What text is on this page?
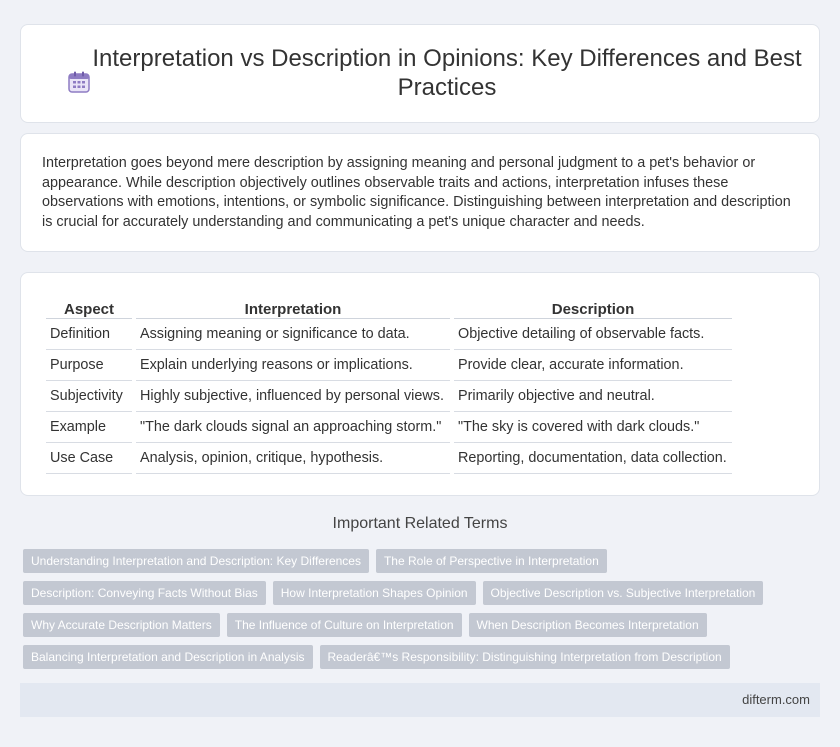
Interpretation vs Description in Opinions: Key Differences and Best Practices

Interpretation goes beyond mere description by assigning meaning and personal judgment to a pet's behavior or appearance. While description objectively outlines observable traits and actions, interpretation infuses these observations with emotions, intentions, or symbolic significance. Distinguishing between interpretation and description is crucial for accurately understanding and communicating a pet's unique character and needs.

Aspect	Interpretation	Description
Definition	Assigning meaning or significance to data.	Objective detailing of observable facts.
Purpose	Explain underlying reasons or implications.	Provide clear, accurate information.
Subjectivity	Highly subjective, influenced by personal views.	Primarily objective and neutral.
Example	"The dark clouds signal an approaching storm."	"The sky is covered with dark clouds."
Use Case	Analysis, opinion, critique, hypothesis.	Reporting, documentation, data collection.
Important Related Terms
Understanding Interpretation and Description: Key Differences The Role of Perspective in Interpretation
Description: Conveying Facts Without Bias How Interpretation Shapes Opinion Objective Description vs. Subjective Interpretation
Why Accurate Description Matters The Influence of Culture on Interpretation When Description Becomes Interpretation
Balancing Interpretation and Description in Analysis Readerâ€™s Responsibility: Distinguishing Interpretation from Description
difterm.com
